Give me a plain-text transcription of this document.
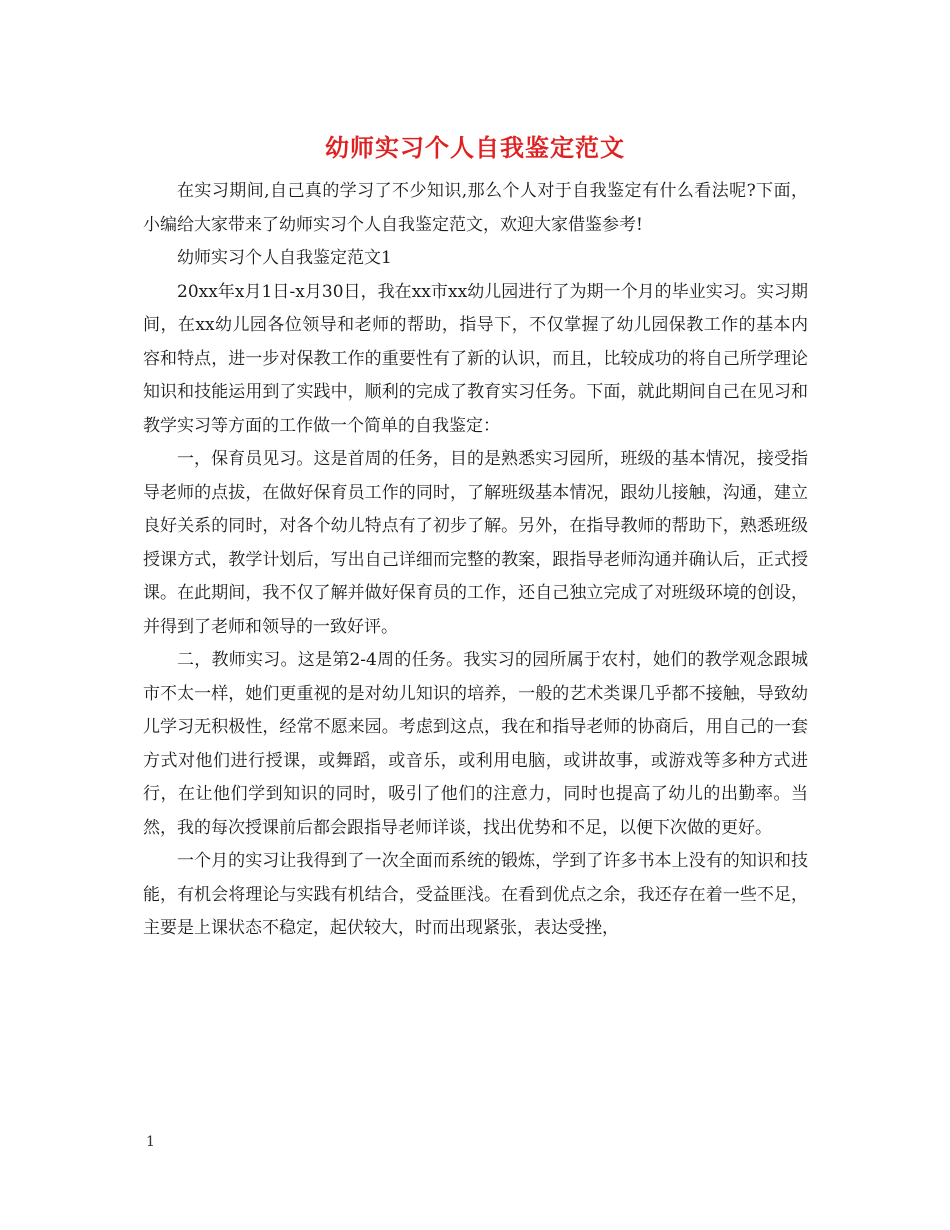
幼师实习个人自我鉴定范文

在实习期间,自己真的学习了不少知识,那么个人对于自我鉴定有什么看法呢?下面，小编给大家带来了幼师实习个人自我鉴定范文，欢迎大家借鉴参考!

幼师实习个人自我鉴定范文1

20xx年x月1日-x月30日，我在xx市xx幼儿园进行了为期一个月的毕业实习。实习期间，在xx幼儿园各位领导和老师的帮助，指导下，不仅掌握了幼儿园保教工作的基本内容和特点，进一步对保教工作的重要性有了新的认识，而且，比较成功的将自己所学理论知识和技能运用到了实践中，顺利的完成了教育实习任务。下面，就此期间自己在见习和教学实习等方面的工作做一个简单的自我鉴定：

一，保育员见习。这是首周的任务，目的是熟悉实习园所，班级的基本情况，接受指导老师的点拔，在做好保育员工作的同时，了解班级基本情况，跟幼儿接触，沟通，建立良好关系的同时，对各个幼儿特点有了初步了解。另外，在指导教师的帮助下，熟悉班级授课方式，教学计划后，写出自己详细而完整的教案，跟指导老师沟通并确认后，正式授课。在此期间，我不仅了解并做好保育员的工作，还自己独立完成了对班级环境的创设，并得到了老师和领导的一致好评。

二，教师实习。这是第2-4周的任务。我实习的园所属于农村，她们的教学观念跟城市不太一样，她们更重视的是对幼儿知识的培养，一般的艺术类课几乎都不接触，导致幼儿学习无积极性，经常不愿来园。考虑到这点，我在和指导老师的协商后，用自己的一套方式对他们进行授课，或舞蹈，或音乐，或利用电脑，或讲故事，或游戏等多种方式进行，在让他们学到知识的同时，吸引了他们的注意力，同时也提高了幼儿的出勤率。当然，我的每次授课前后都会跟指导老师详谈，找出优势和不足，以便下次做的更好。

一个月的实习让我得到了一次全面而系统的锻炼，学到了许多书本上没有的知识和技能，有机会将理论与实践有机结合，受益匪浅。在看到优点之余，我还存在着一些不足，主要是上课状态不稳定，起伏较大，时而出现紧张，表达受挫，

1
